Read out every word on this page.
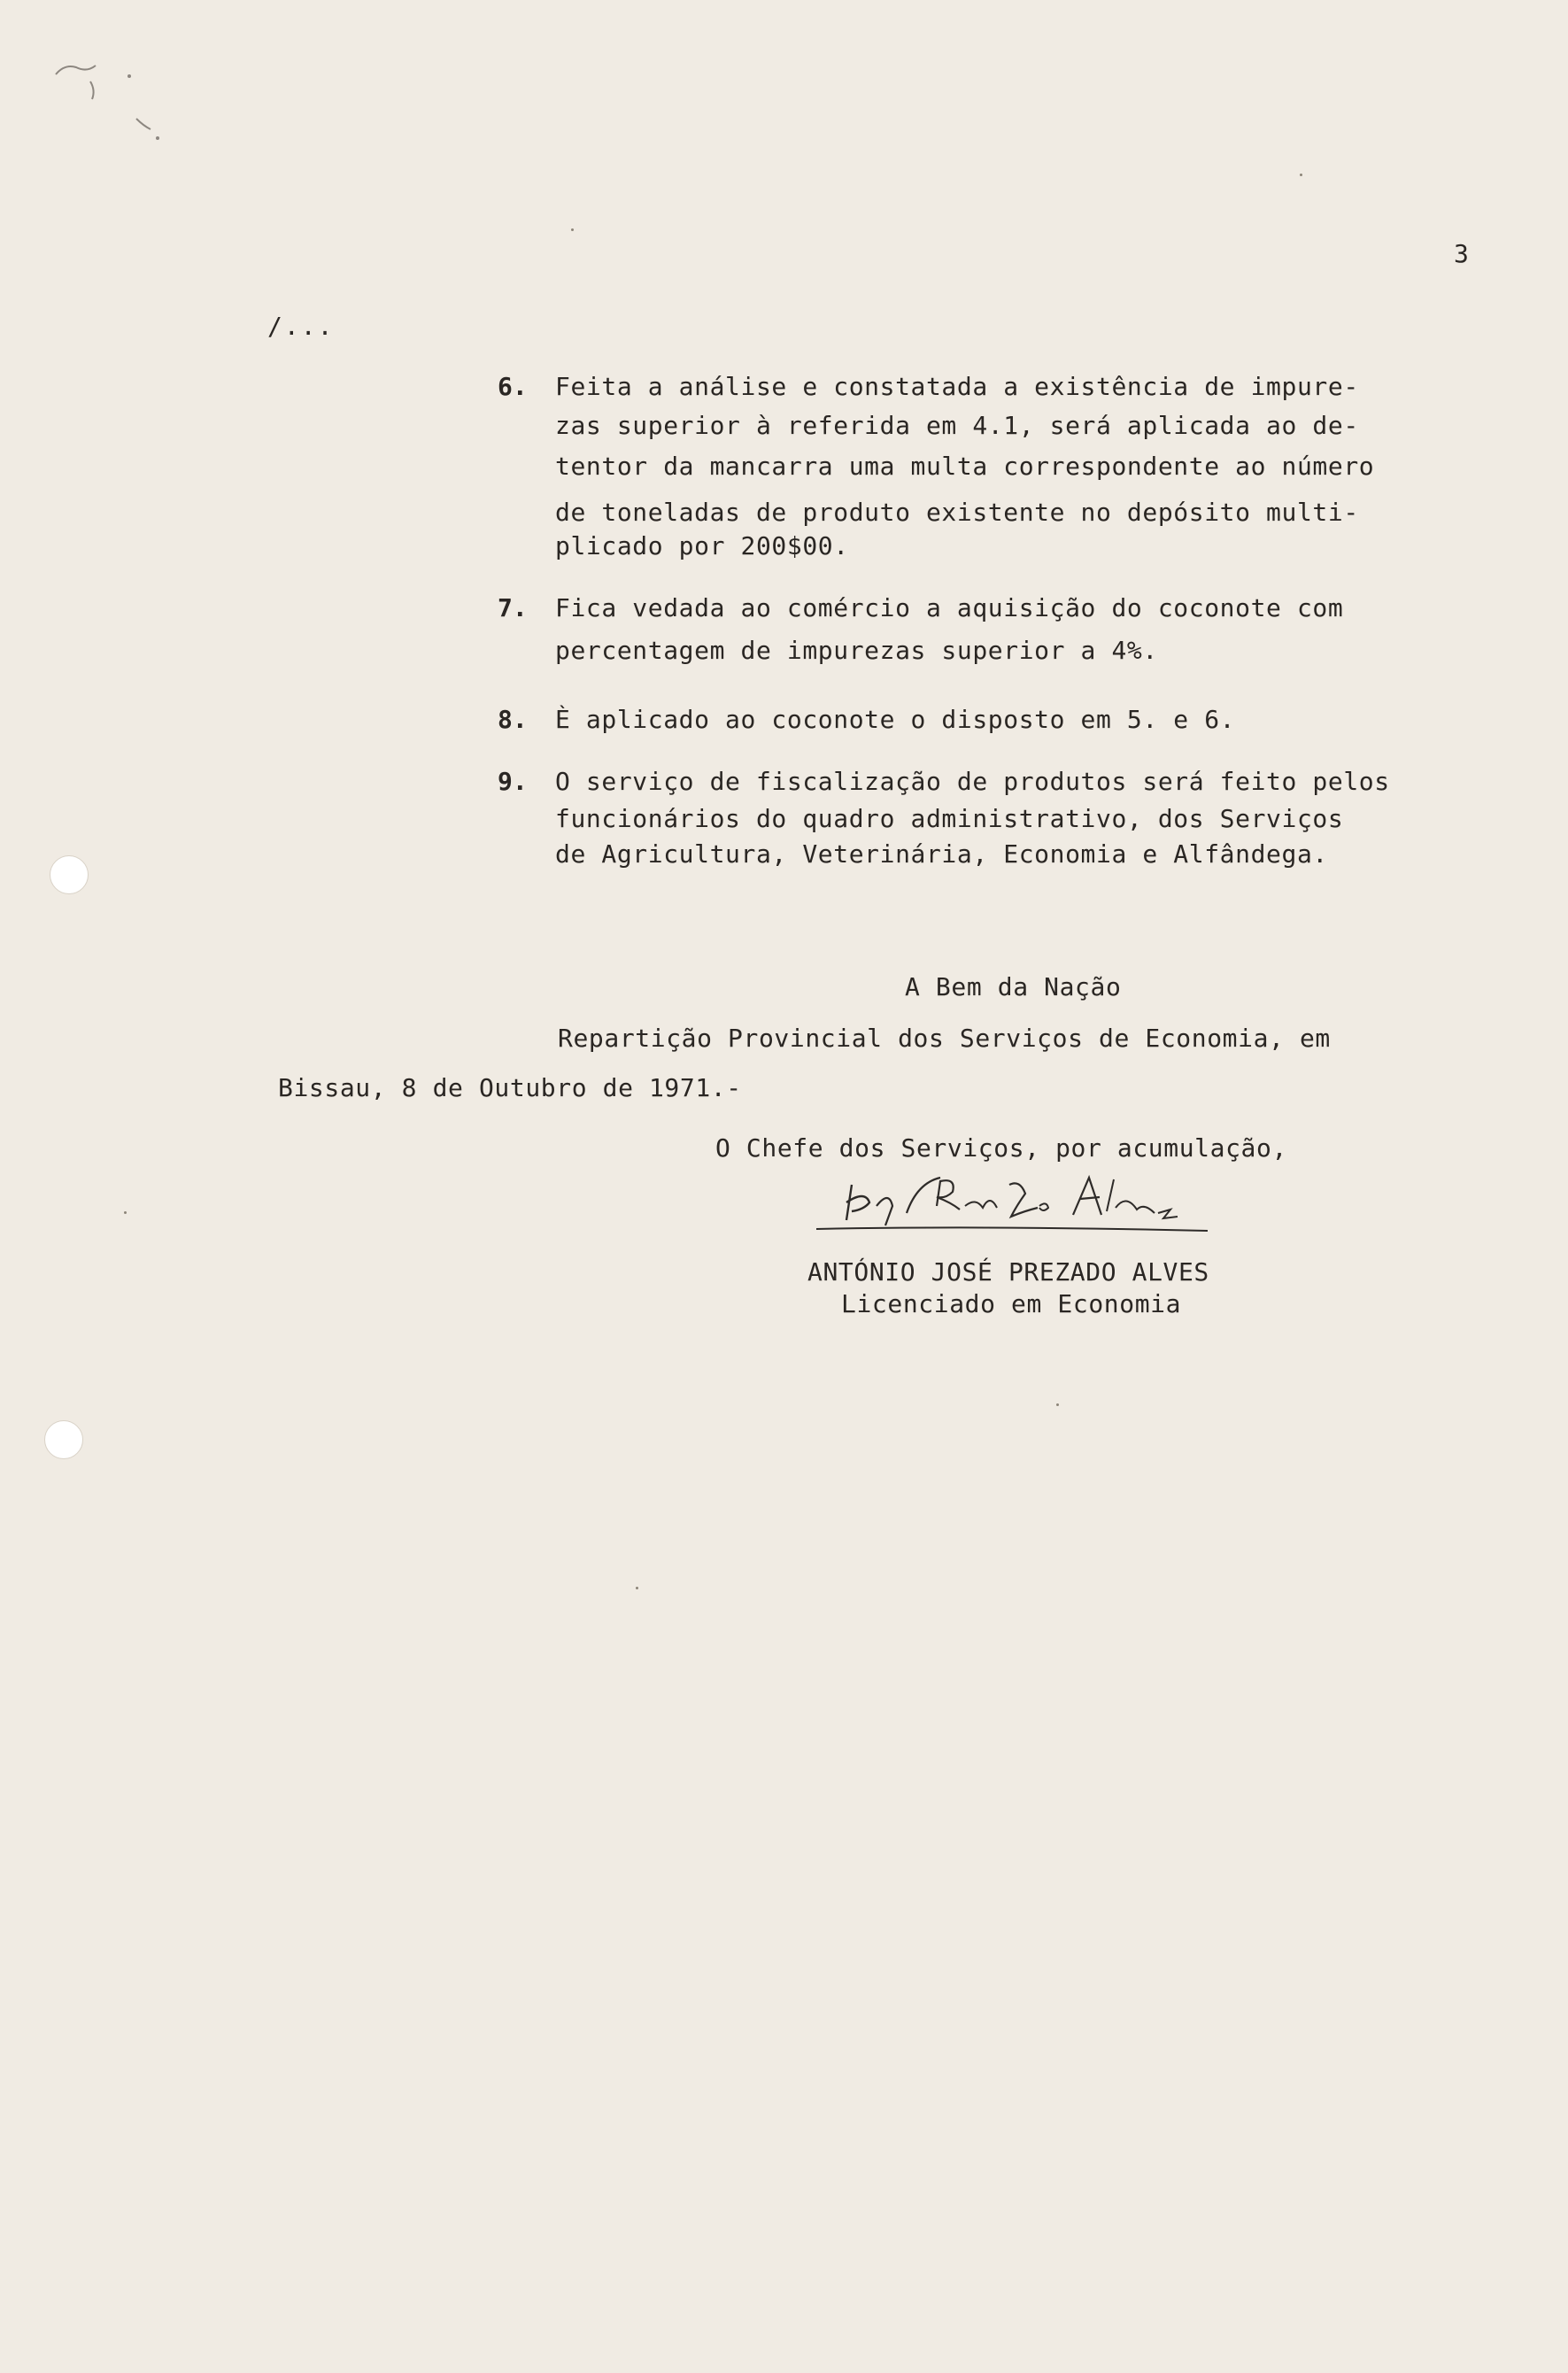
3
/...
6. Feita a análise e constatada a existência de impure-
zas superior à referida em 4.1, será aplicada ao de-
tentor da mancarra uma multa correspondente ao número
de toneladas de produto existente no depósito multi-
plicado por 200$00.
7. Fica vedada ao comércio a aquisição do coconote com
percentagem de impurezas superior a 4%.
8. È aplicado ao coconote o disposto em 5. e 6.
9. O serviço de fiscalização de produtos será feito pelos
funcionários do quadro administrativo, dos Serviços
de Agricultura, Veterinária, Economia e Alfândega.
A Bem da Nação
Repartição Provincial dos Serviços de Economia, em
Bissau, 8 de Outubro de 1971.-
O Chefe dos Serviços, por acumulação,
ANTÓNIO JOSÉ PREZADO ALVES
Licenciado em Economia
